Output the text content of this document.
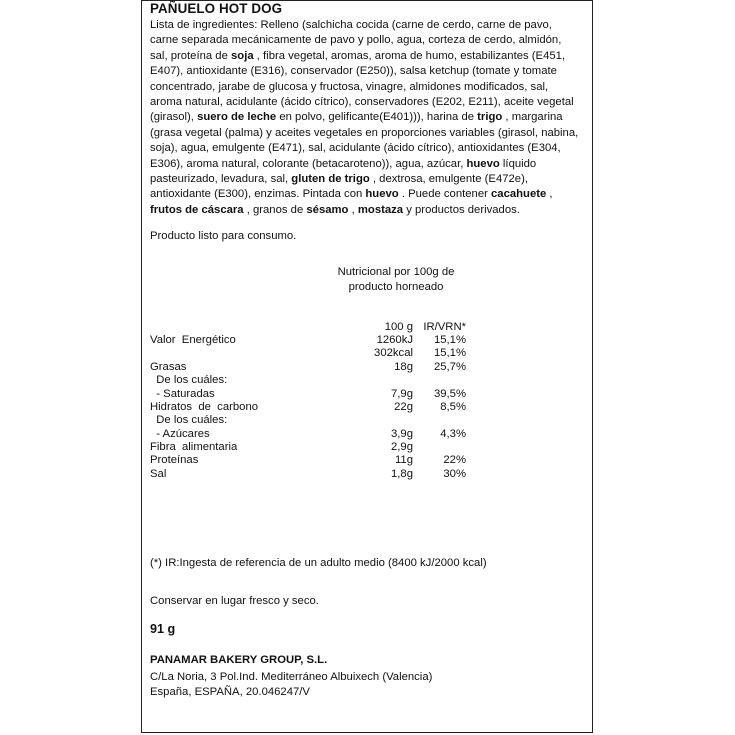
PAÑUELO HOT DOG
Lista de ingredientes: Relleno (salchicha cocida (carne de cerdo, carne de pavo, carne separada mecánicamente de pavo y pollo, agua, corteza de cerdo, almidón, sal, proteína de soja , fibra vegetal, aromas, aroma de humo, estabilizantes (E451, E407), antioxidante (E316), conservador (E250)), salsa ketchup (tomate y tomate concentrado, jarabe de glucosa y fructosa, vinagre, almidones modificados, sal, aroma natural, acidulante (ácido cítrico), conservadores (E202, E211), aceite vegetal (girasol), suero de leche en polvo, gelificante(E401))), harina de trigo , margarina (grasa vegetal (palma) y aceites vegetales en proporciones variables (girasol, nabina, soja), agua, emulgente (E471), sal, acidulante (ácido cítrico), antioxidantes (E304, E306), aroma natural, colorante (betacaroteno)), agua, azúcar, huevo líquido pasteurizado, levadura, sal, gluten de trigo , dextrosa, emulgente (E472e), antioxidante (E300), enzimas. Pintada con huevo . Puede contener cacahuete , frutos de cáscara , granos de sésamo , mostaza y productos derivados.
Producto listo para consumo.
Nutricional por 100g de
producto horneado
100 g IR/VRN*
Valor  Energético	1260kJ 15,1%
302kcal 15,1%
Grasas	18g 25,7%
De los cuáles:
- Saturadas	7,9g 39,5%
Hidratos  de  carbono	22g 8,5%
De los cuáles:
- Azúcares	3,9g 4,3%
Fibra  alimentaria	2,9g
Proteínas	11g	22%
Sal	1,8g	30%
(*) IR:Ingesta de referencia de un adulto medio (8400 kJ/2000 kcal)
Conservar en lugar fresco y seco.
91 g
PANAMAR BAKERY GROUP, S.L.
C/La Noria, 3 Pol.Ind. Mediterráneo Albuixech (Valencia)
España, ESPAÑA, 20.046247/V
